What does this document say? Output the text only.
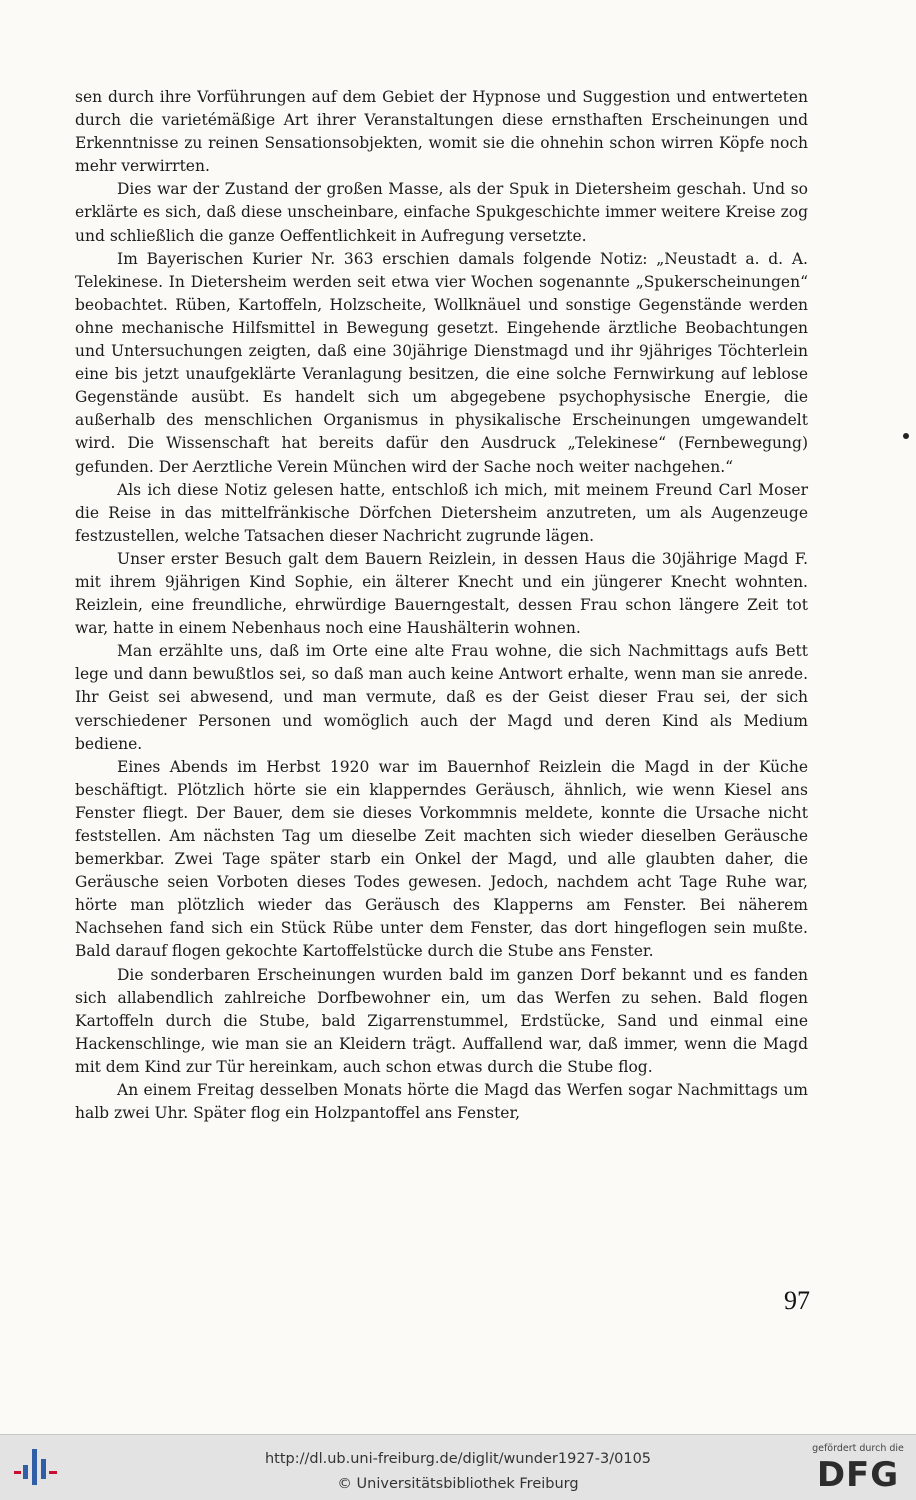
sen durch ihre Vorführungen auf dem Gebiet der Hypnose und Suggestion und entwerteten durch die varietémäßige Art ihrer Veranstaltungen diese ernsthaften Erscheinungen und Erkenntnisse zu reinen Sensationsobjekten, womit sie die ohnehin schon wirren Köpfe noch mehr verwirrten.

Dies war der Zustand der großen Masse, als der Spuk in Dietersheim geschah. Und so erklärte es sich, daß diese unscheinbare, einfache Spukgeschichte immer weitere Kreise zog und schließlich die ganze Oeffentlichkeit in Aufregung versetzte.

Im Bayerischen Kurier Nr. 363 erschien damals folgende Notiz: „Neustadt a. d. A. Telekinese. In Dietersheim werden seit etwa vier Wochen sogenannte „Spukerscheinungen“ beobachtet. Rüben, Kartoffeln, Holzscheite, Wollknäuel und sonstige Gegenstände werden ohne mechanische Hilfsmittel in Bewegung gesetzt. Eingehende ärztliche Beobachtungen und Untersuchungen zeigten, daß eine 30jährige Dienstmagd und ihr 9jähriges Töchterlein eine bis jetzt unaufgeklärte Veranlagung besitzen, die eine solche Fernwirkung auf leblose Gegenstände ausübt. Es handelt sich um abgegebene psychophysische Energie, die außerhalb des menschlichen Organismus in physikalische Erscheinungen umgewandelt wird. Die Wissenschaft hat bereits dafür den Ausdruck „Telekinese“ (Fernbewegung) gefunden. Der Aerztliche Verein München wird der Sache noch weiter nachgehen.“

Als ich diese Notiz gelesen hatte, entschloß ich mich, mit meinem Freund Carl Moser die Reise in das mittelfränkische Dörfchen Dietersheim anzutreten, um als Augenzeuge festzustellen, welche Tatsachen dieser Nachricht zugrunde lägen.

Unser erster Besuch galt dem Bauern Reizlein, in dessen Haus die 30jährige Magd F. mit ihrem 9jährigen Kind Sophie, ein älterer Knecht und ein jüngerer Knecht wohnten. Reizlein, eine freundliche, ehrwürdige Bauerngestalt, dessen Frau schon längere Zeit tot war, hatte in einem Nebenhaus noch eine Haushälterin wohnen.

Man erzählte uns, daß im Orte eine alte Frau wohne, die sich Nachmittags aufs Bett lege und dann bewußtlos sei, so daß man auch keine Antwort erhalte, wenn man sie anrede. Ihr Geist sei abwesend, und man vermute, daß es der Geist dieser Frau sei, der sich verschiedener Personen und womöglich auch der Magd und deren Kind als Medium bediene.

Eines Abends im Herbst 1920 war im Bauernhof Reizlein die Magd in der Küche beschäftigt. Plötzlich hörte sie ein klapperndes Geräusch, ähnlich, wie wenn Kiesel ans Fenster fliegt. Der Bauer, dem sie dieses Vorkommnis meldete, konnte die Ursache nicht feststellen. Am nächsten Tag um dieselbe Zeit machten sich wieder dieselben Geräusche bemerkbar. Zwei Tage später starb ein Onkel der Magd, und alle glaubten daher, die Geräusche seien Vorboten dieses Todes gewesen. Jedoch, nachdem acht Tage Ruhe war, hörte man plötzlich wieder das Geräusch des Klapperns am Fenster. Bei näherem Nachsehen fand sich ein Stück Rübe unter dem Fenster, das dort hingeflogen sein mußte. Bald darauf flogen gekochte Kartoffelstücke durch die Stube ans Fenster.

Die sonderbaren Erscheinungen wurden bald im ganzen Dorf bekannt und es fanden sich allabendlich zahlreiche Dorfbewohner ein, um das Werfen zu sehen. Bald flogen Kartoffeln durch die Stube, bald Zigarrenstummel, Erdstücke, Sand und einmal eine Hackenschlinge, wie man sie an Kleidern trägt. Auffallend war, daß immer, wenn die Magd mit dem Kind zur Tür hereinkam, auch schon etwas durch die Stube flog.

An einem Freitag desselben Monats hörte die Magd das Werfen sogar Nachmittags um halb zwei Uhr. Später flog ein Holzpantoffel ans Fenster,

97
http://dl.ub.uni-freiburg.de/diglit/wunder1927-3/0105
© Universitätsbibliothek Freiburg
gefördert durch die
DFG
